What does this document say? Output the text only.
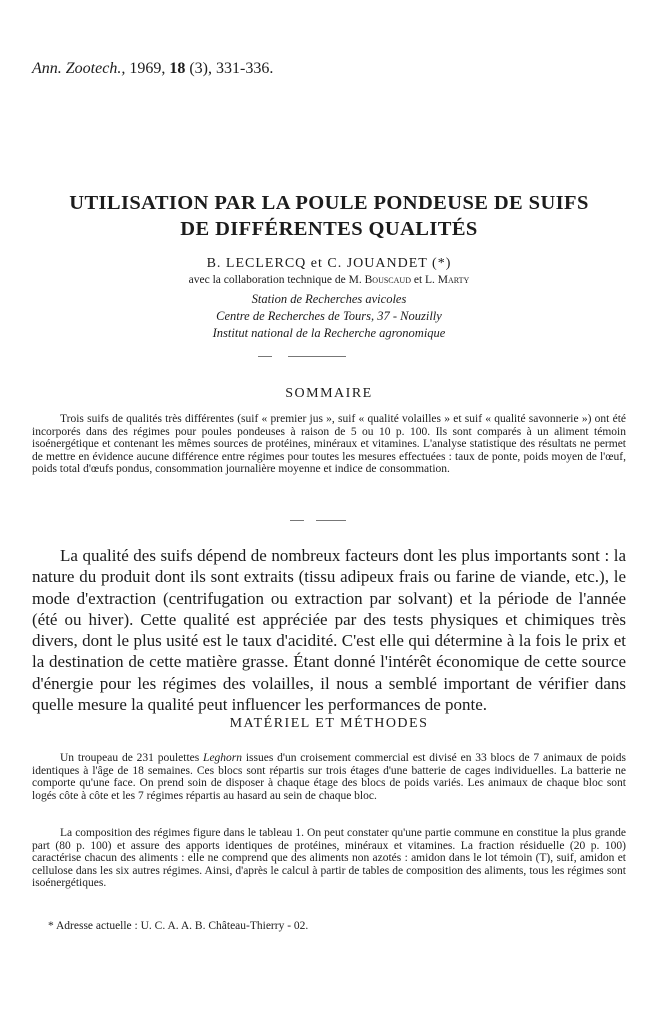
Ann. Zootech., 1969, 18 (3), 331-336.
UTILISATION PAR LA POULE PONDEUSE DE SUIFS
DE DIFFÉRENTES QUALITÉS
B. LECLERCQ et C. JOUANDET (*)
avec la collaboration technique de M. Bouscaud et L. Marty
Station de Recherches avicoles
Centre de Recherches de Tours, 37 - Nouzilly
Institut national de la Recherche agronomique
SOMMAIRE
Trois suifs de qualités très différentes (suif « premier jus », suif « qualité volailles » et suif « qualité savonnerie ») ont été incorporés dans des régimes pour poules pondeuses à raison de 5 ou 10 p. 100. Ils sont comparés à un aliment témoin isoénergétique et contenant les mêmes sources de protéines, minéraux et vitamines. L'analyse statistique des résultats ne permet de mettre en évidence aucune différence entre régimes pour toutes les mesures effectuées : taux de ponte, poids moyen de l'œuf, poids total d'œufs pondus, consommation journalière moyenne et indice de consommation.
La qualité des suifs dépend de nombreux facteurs dont les plus importants sont : la nature du produit dont ils sont extraits (tissu adipeux frais ou farine de viande, etc.), le mode d'extraction (centrifugation ou extraction par solvant) et la période de l'année (été ou hiver). Cette qualité est appréciée par des tests physiques et chimiques très divers, dont le plus usité est le taux d'acidité. C'est elle qui détermine à la fois le prix et la destination de cette matière grasse. Étant donné l'intérêt économique de cette source d'énergie pour les régimes des volailles, il nous a semblé important de vérifier dans quelle mesure la qualité peut influencer les performances de ponte.
MATÉRIEL ET MÉTHODES
Un troupeau de 231 poulettes Leghorn issues d'un croisement commercial est divisé en 33 blocs de 7 animaux de poids identiques à l'âge de 18 semaines. Ces blocs sont répartis sur trois étages d'une batterie de cages individuelles. La batterie ne comporte qu'une face. On prend soin de disposer à chaque étage des blocs de poids variés. Les animaux de chaque bloc sont logés côte à côte et les 7 régimes répartis au hasard au sein de chaque bloc.
La composition des régimes figure dans le tableau 1. On peut constater qu'une partie commune en constitue la plus grande part (80 p. 100) et assure des apports identiques de protéines, minéraux et vitamines. La fraction résiduelle (20 p. 100) caractérise chacun des aliments : elle ne comprend que des aliments non azotés : amidon dans le lot témoin (T), suif, amidon et cellulose dans les six autres régimes. Ainsi, d'après le calcul à partir de tables de composition des aliments, tous les régimes sont isoénergétiques.
* Adresse actuelle : U. C. A. A. B. Château-Thierry - 02.
